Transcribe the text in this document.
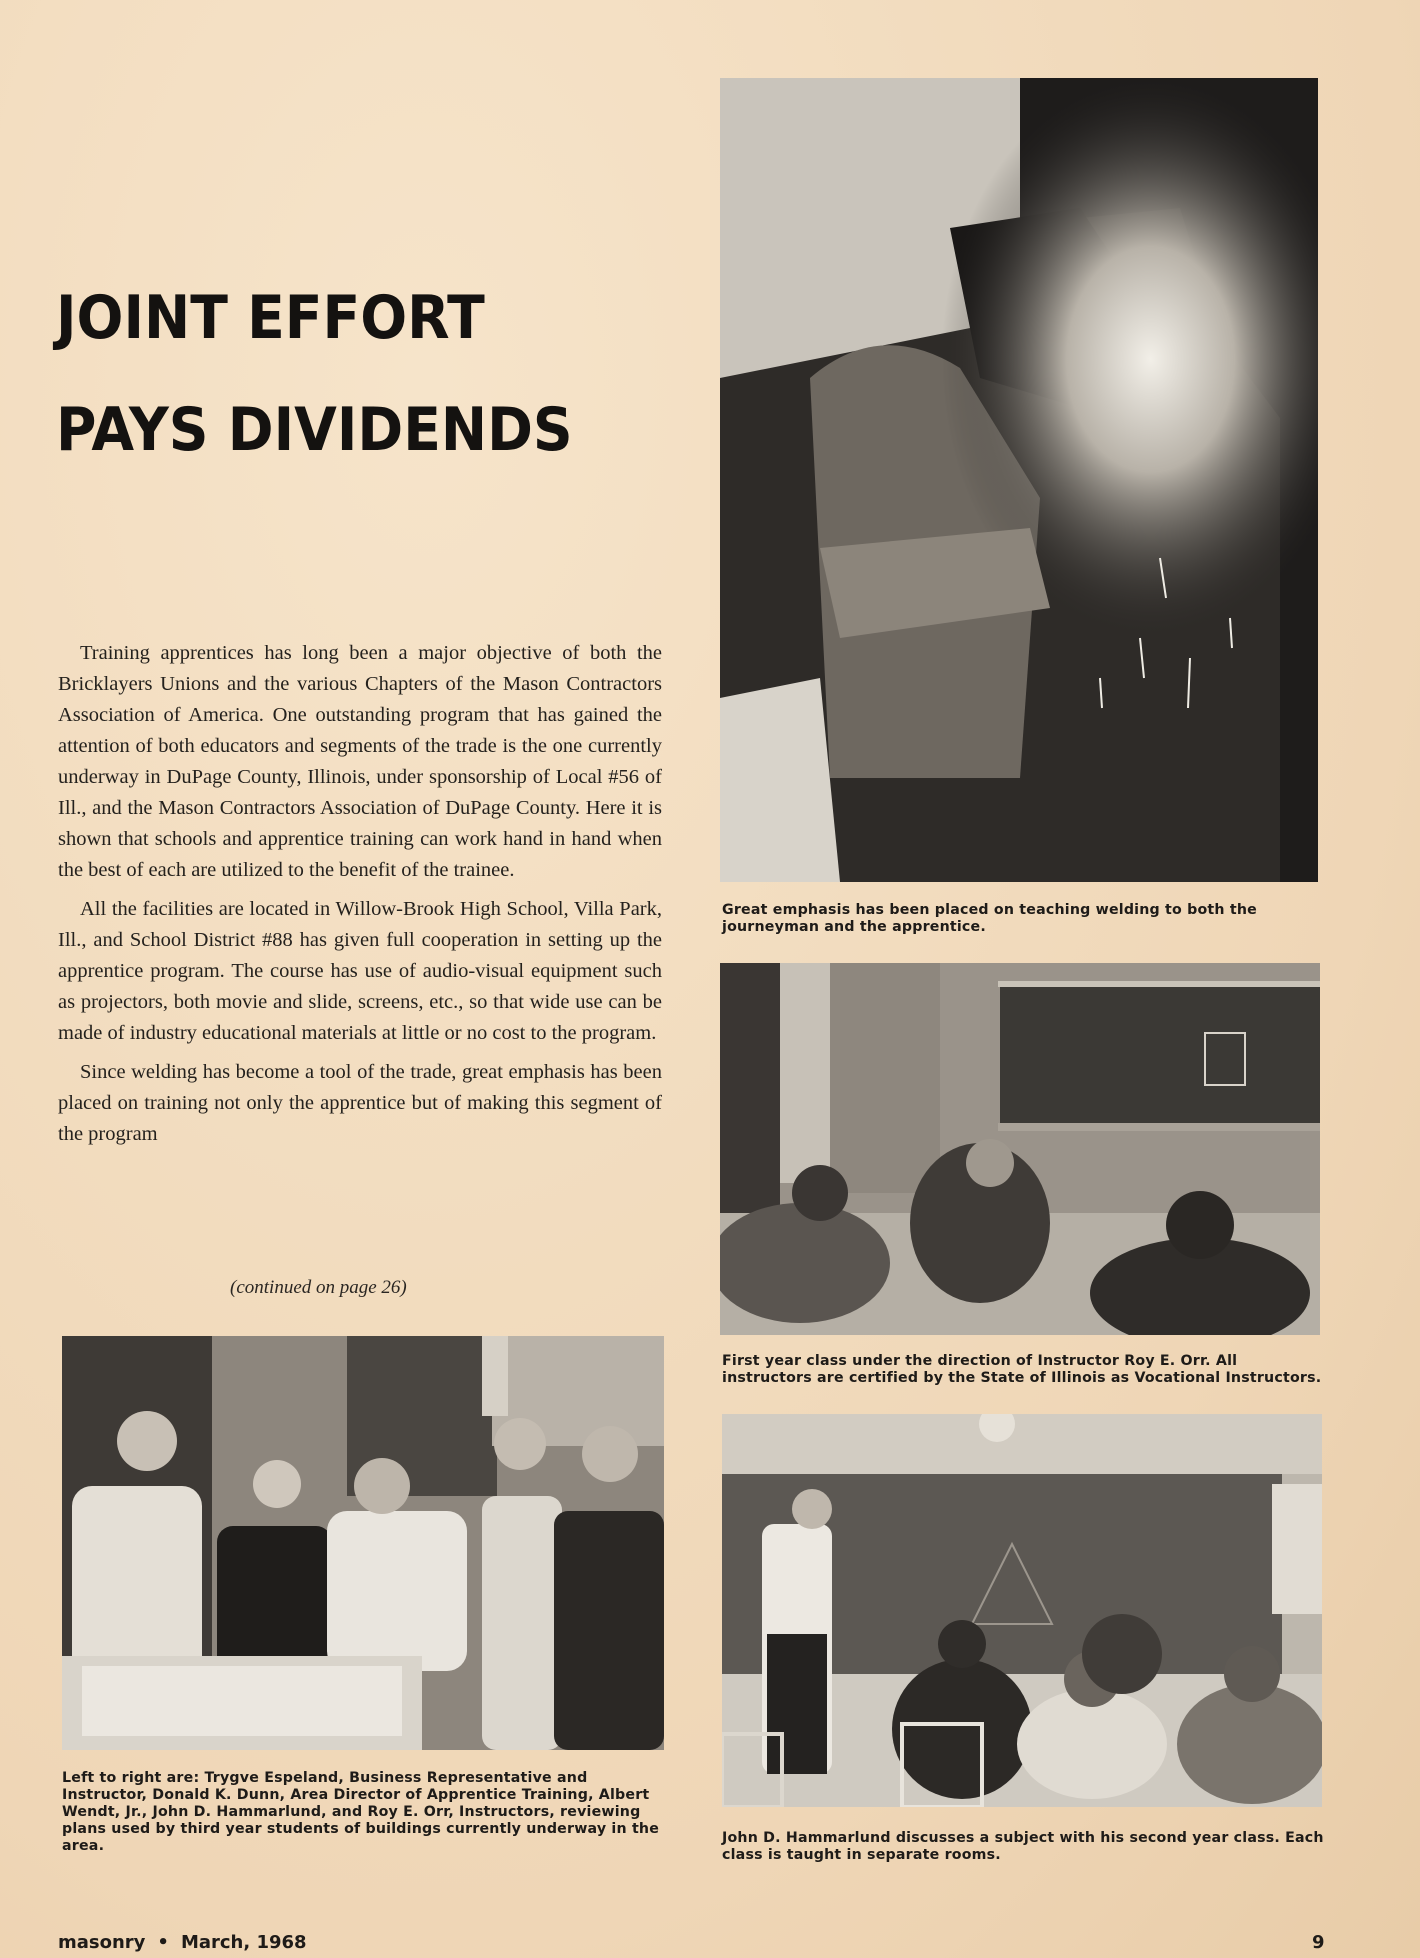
JOINT EFFORT
PAYS DIVIDENDS

Training apprentices has long been a major objective of both the Bricklayers Unions and the various Chapters of the Mason Contractors Association of America. One outstanding program that has gained the attention of both educators and segments of the trade is the one currently underway in DuPage County, Illinois, under sponsorship of Local #56 of Ill., and the Mason Contractors Association of DuPage County. Here it is shown that schools and apprentice training can work hand in hand when the best of each are utilized to the benefit of the trainee.

All the facilities are located in Willow-Brook High School, Villa Park, Ill., and School District #88 has given full cooperation in setting up the apprentice program. The course has use of audio-visual equipment such as projectors, both movie and slide, screens, etc., so that wide use can be made of industry educational materials at little or no cost to the program.

Since welding has become a tool of the trade, great emphasis has been placed on training not only the apprentice but of making this segment of the program

(continued on page 26)
Great emphasis has been placed on teaching welding to both the journeyman and the apprentice.
First year class under the direction of Instructor Roy E. Orr. All instructors are certified by the State of Illinois as Vocational Instructors.
Left to right are: Trygve Espeland, Business Representative and Instructor, Donald K. Dunn, Area Director of Apprentice Training, Albert Wendt, Jr., John D. Hammarlund, and Roy E. Orr, Instructors, reviewing plans used by third year students of buildings currently underway in the area.	John D. Hammarlund discusses a subject with his second year class. Each class is taught in separate rooms.
masonry • March, 1968	9
